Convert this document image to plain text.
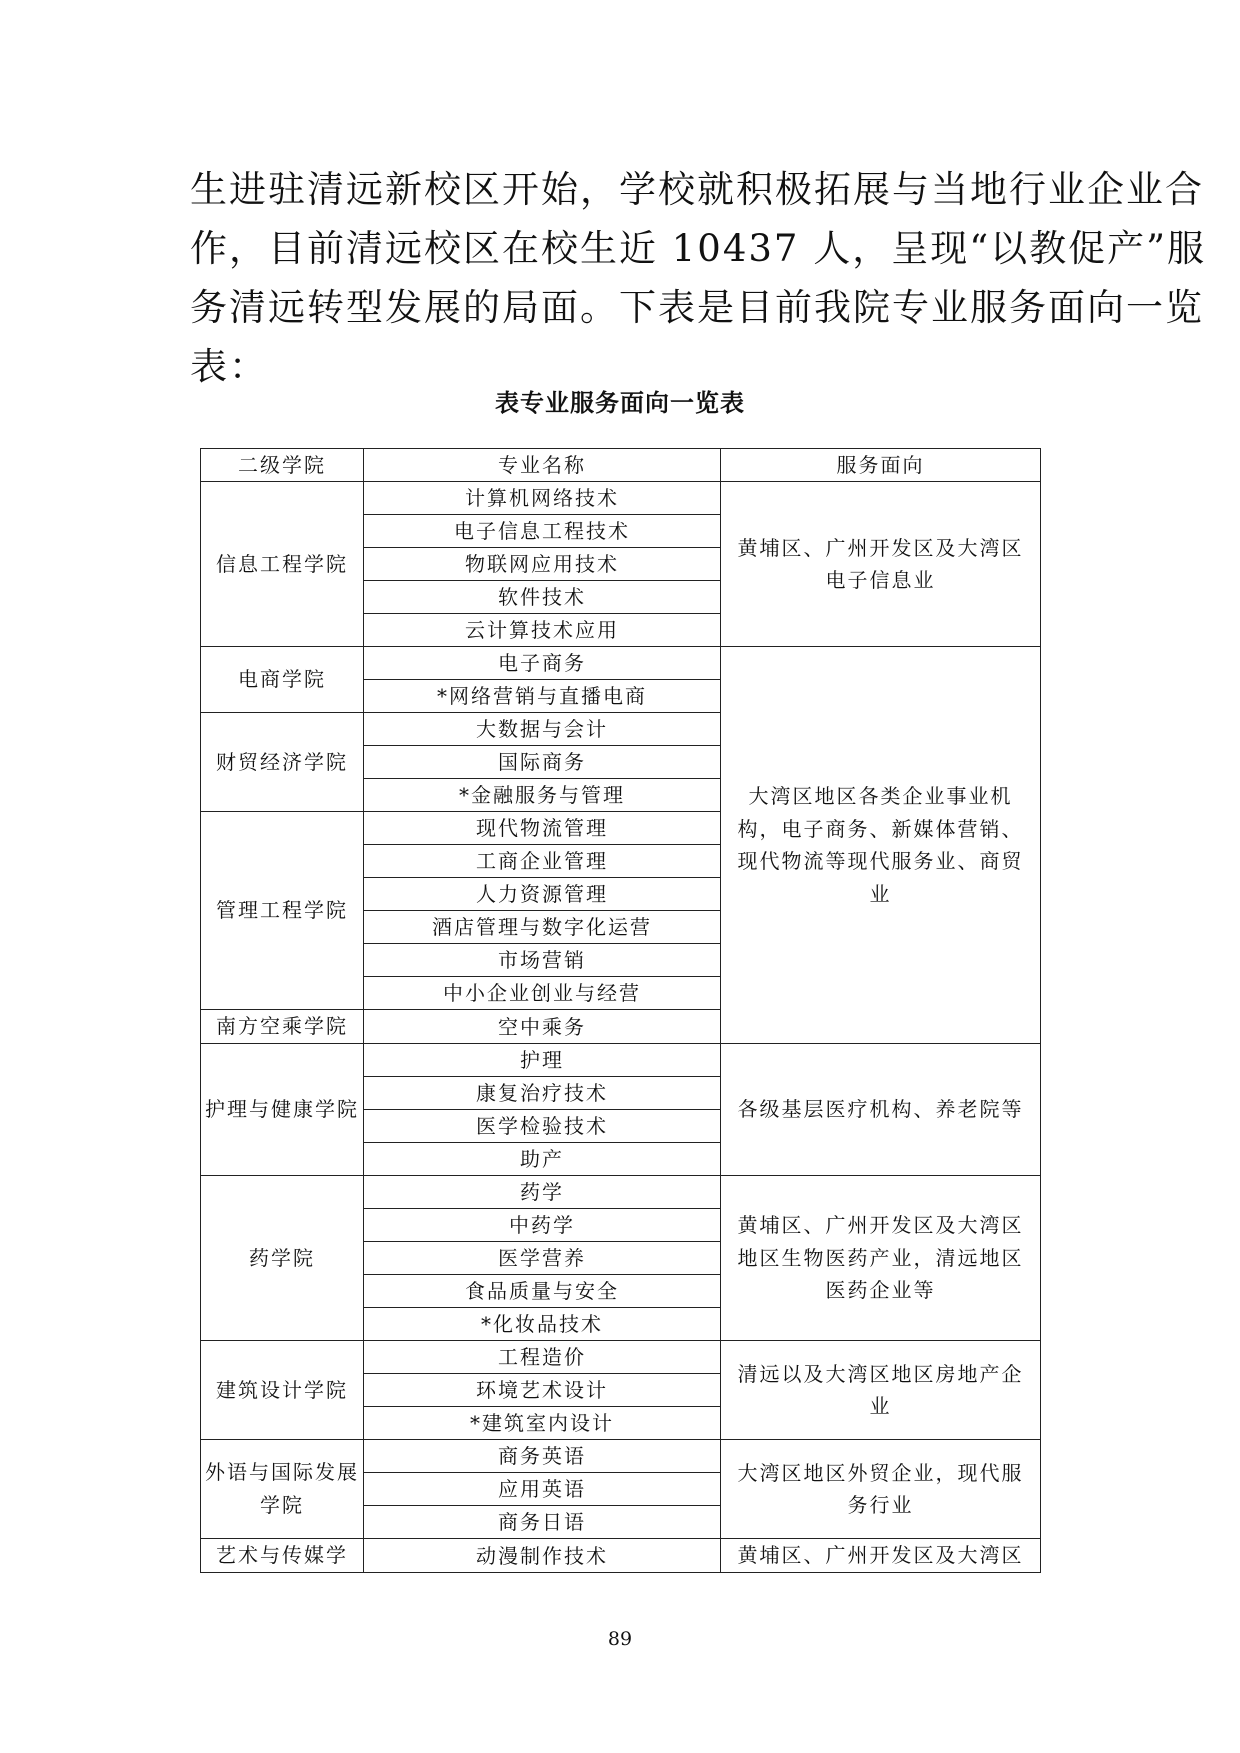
生进驻清远新校区开始，学校就积极拓展与当地行业企业合

作，目前清远校区在校生近 10437 人，呈现“以教促产”服

务清远转型发展的局面。下表是目前我院专业服务面向一览

表：

表专业服务面向一览表
二级学院	专业名称	服务面向
信息工程学院	计算机网络技术	黄埔区、广州开发区及大湾区电子信息业
	电子信息工程技术	
	物联网应用技术	
	软件技术	
	云计算技术应用	
电商学院	电子商务	大湾区地区各类企业事业机构，电子商务、新媒体营销、现代物流等现代服务业、商贸业
	*网络营销与直播电商	
财贸经济学院	大数据与会计	
	国际商务	
	*金融服务与管理	
管理工程学院	现代物流管理	
	工商企业管理	
	人力资源管理	
	酒店管理与数字化运营	
	市场营销	
	中小企业创业与经营	
南方空乘学院	空中乘务	
护理与健康学院	护理	各级基层医疗机构、养老院等
	康复治疗技术	
	医学检验技术	
	助产	
药学院	药学	黄埔区、广州开发区及大湾区地区生物医药产业，清远地区医药企业等
	中药学	
	医学营养	
	食品质量与安全	
	*化妆品技术	
建筑设计学院	工程造价	清远以及大湾区地区房地产企业
	环境艺术设计	
	*建筑室内设计	
外语与国际发展学院	商务英语	大湾区地区外贸企业，现代服务行业
	应用英语	
	商务日语	
艺术与传媒学	动漫制作技术	黄埔区、广州开发区及大湾区
89
